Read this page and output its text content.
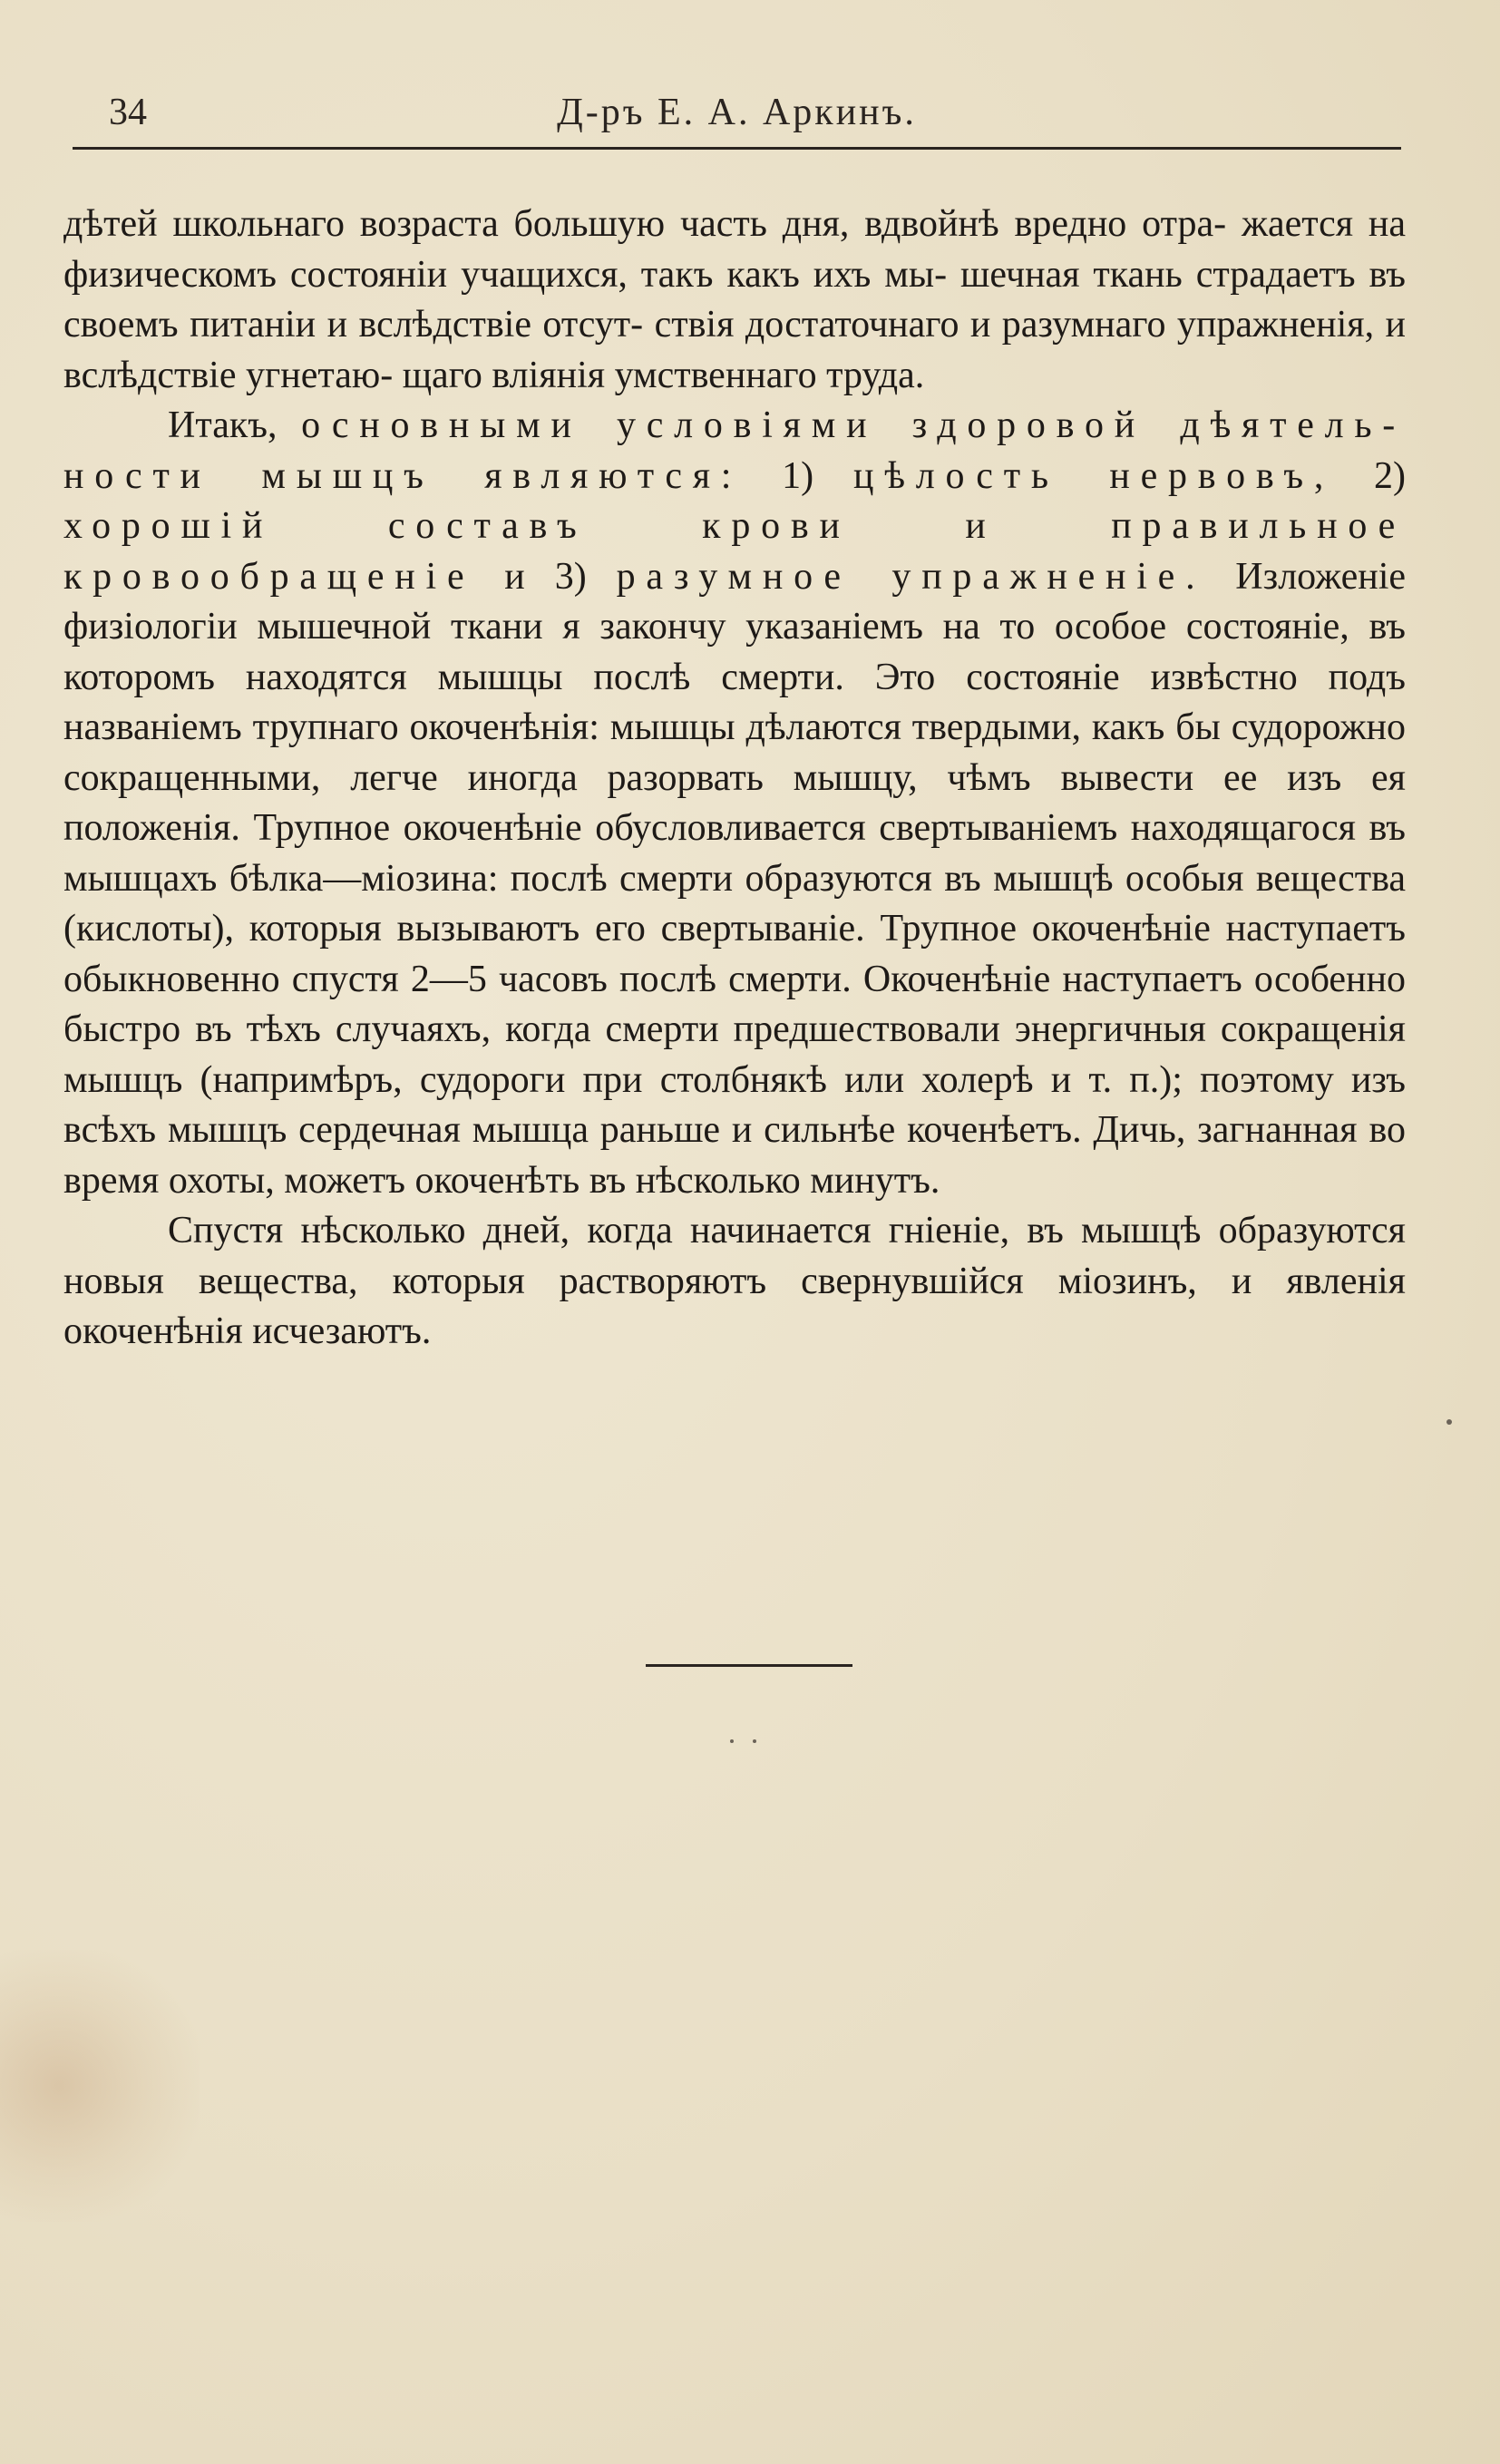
34	Д-ръ Е. А. Аркинъ.

дѣтей школьнаго возраста большую часть дня, вдвойнѣ вредно отра- жается на физическомъ состоянiи учащихся, такъ какъ ихъ мы- шечная ткань страдаетъ въ своемъ питанiи и вслѣдствiе отсут- ствiя достаточнаго и разумнаго упражненiя, и вслѣдствiе угнетаю- щаго влiянiя умственнаго труда.

Итакъ, основными условiями здоровой дѣятель- ности мышцъ являются: 1) цѣлость нервовъ, 2) хорошiй составъ крови и правильное кровообращенiе и 3) разумное упражненiе. Изложенiе физiологiи мышечной ткани я закончу указанiемъ на то особое состоянiе, въ которомъ находятся мышцы послѣ смерти. Это состоянiе извѣстно подъ названiемъ трупнаго окоченѣнiя: мышцы дѣлаются твердыми, какъ бы судорожно сокращенными, легче иногда разорвать мышцу, чѣмъ вывести ее изъ ея положенiя. Трупное окоченѣнiе обусловливается свертыванiемъ находящагося въ мышцахъ бѣлка—мiозина: послѣ смерти образуются въ мышцѣ особыя вещества (кислоты), которыя вызываютъ его свертыванiе. Трупное окоченѣнiе наступаетъ обыкновенно спустя 2—5 часовъ послѣ смерти. Окоченѣнiе наступаетъ особенно быстро въ тѣхъ случаяхъ, когда смерти предшествовали энергичныя сокращенiя мышцъ (напримѣръ, судороги при столбнякѣ или холерѣ и т. п.); поэтому изъ всѣхъ мышцъ сердечная мышца раньше и сильнѣе коченѣетъ. Дичь, загнанная во время охоты, можетъ окоченѣть въ нѣсколько минутъ.

Спустя нѣсколько дней, когда начинается гнiенiе, въ мышцѣ образуются новыя вещества, которыя растворяютъ свернувшiйся мiозинъ, и явленiя окоченѣнiя исчезаютъ.
